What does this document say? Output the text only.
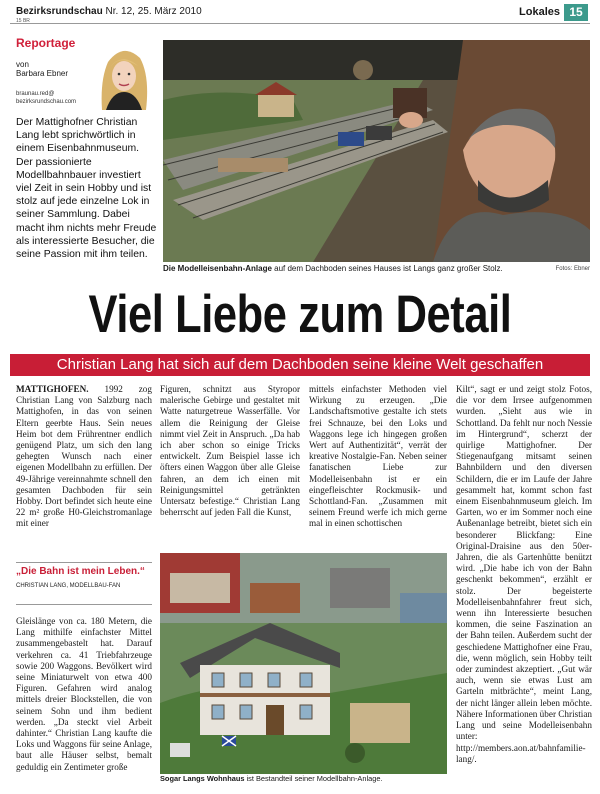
Bezirksrundschau Nr. 12, 25. März 2010
15 BR
Lokales 15
Reportage
von
Barbara Ebner
braunau.red@
bezirksrundschau.com
Der Mattighofner Christian Lang lebt sprichwörtlich in einem Eisenbahnmuseum. Der passionierte Modellbahnbauer investiert viel Zeit in sein Hobby und ist stolz auf jede einzelne Lok in seiner Sammlung. Dabei macht ihm nichts mehr Freude als interessierte Besucher, die seine Passion mit ihm teilen.
Die Modelleisenbahn-Anlage auf dem Dachboden seines Hauses ist Langs ganz großer Stolz.	Fotos: Ebner
Viel Liebe zum Detail
Christian Lang hat sich auf dem Dachboden seine kleine Welt geschaffen
MATTIGHOFEN. 1992 zog Christian Lang von Salzburg nach Mattighofen, in das von seinen Eltern geerbte Haus. Sein neues Heim bot dem Frührentner endlich genügend Platz, um sich den lang gehegten Wunsch nach einer eigenen Modellbahn zu erfüllen. Der 49-Jährige vereinnahmte schnell den gesamten Dachboden für sein Hobby. Dort befindet sich heute eine 22 m² große H0-Gleichstromanlage mit einer
„Die Bahn ist mein Leben.“
CHRISTIAN LANG, MODELLBAU-FAN
Gleislänge von ca. 180 Metern, die Lang mithilfe einfachster Mittel zusammengebastelt hat. Darauf verkehren ca. 41 Triebfahrzeuge sowie 200 Waggons. Bevölkert wird seine Miniaturwelt von etwa 400 Figuren. Gefahren wird analog mittels dreier Blockstellen, die von seinem Sohn und ihm bedient werden. „Da steckt viel Arbeit dahinter.“ Christian Lang kaufte die Loks und Waggons für seine Anlage, baut alle Häuser selbst, bemalt geduldig ein Zentimeter große
Figuren, schnitzt aus Styropor malerische Gebirge und gestaltet mit Watte naturgetreue Wasserfälle. Vor allem die Reinigung der Gleise nimmt viel Zeit in Anspruch. „Da hab ich aber schon so einige Tricks entwickelt. Zum Beispiel lasse ich öfters einen Waggon über alle Gleise fahren, an dem ich einen mit Reinigungsmittel getränkten Untersatz befestige.“ Christian Lang beherrscht auf jeden Fall die Kunst,
mittels einfachster Methoden viel Wirkung zu erzeugen. „Die Landschaftsmotive gestalte ich stets frei Schnauze, bei den Loks und Waggons lege ich hingegen großen Wert auf Authentizität“, verrät der kreative Nostalgie-Fan. Neben seiner fanatischen Liebe zur Modelleisenbahn ist er ein eingefleischter Rockmusik- und Schottland-Fan. „Zusammen mit seinem Freund werfe ich mich gerne mal in einen schottischen
Kilt“, sagt er und zeigt stolz Fotos, die vor dem Irrsee aufgenommen wurden. „Sieht aus wie in Schottland. Da fehlt nur noch Nessie im Hintergrund“, scherzt der quirlige Mattighofner. Der Stiegenaufgang mitsamt seinen Bahnbildern und den diversen Schildern, die er im Laufe der Jahre gesammelt hat, kommt schon fast einem Eisenbahnmuseum gleich. Im Garten, wo er im Sommer noch eine Außenanlage betreibt, bietet sich ein besonderer Blickfang: Eine Original-Draisine aus den 50er-Jahren, die als Gartenhütte benützt wird. „Die habe ich von der Bahn geschenkt bekommen“, erzählt er stolz. Der begeisterte Modelleisenbahnfahrer freut sich, wenn ihn Interessierte besuchen kommen, die seine Faszination an der Bahn teilen. Außerdem sucht der geschiedene Mattighofner eine Frau, die, wenn möglich, sein Hobby teilt oder zumindest akzeptiert. „Gut wär auch, wenn sie etwas Lust am Garteln mitbrächte“, meint Lang, der nicht länger allein leben möchte. Nähere Informationen über Christian Lang und seine Modelleisenbahn unter: http://members.aon.at/bahnfamilie-lang/.
Sogar Langs Wohnhaus ist Bestandteil seiner Modellbahn-Anlage.
